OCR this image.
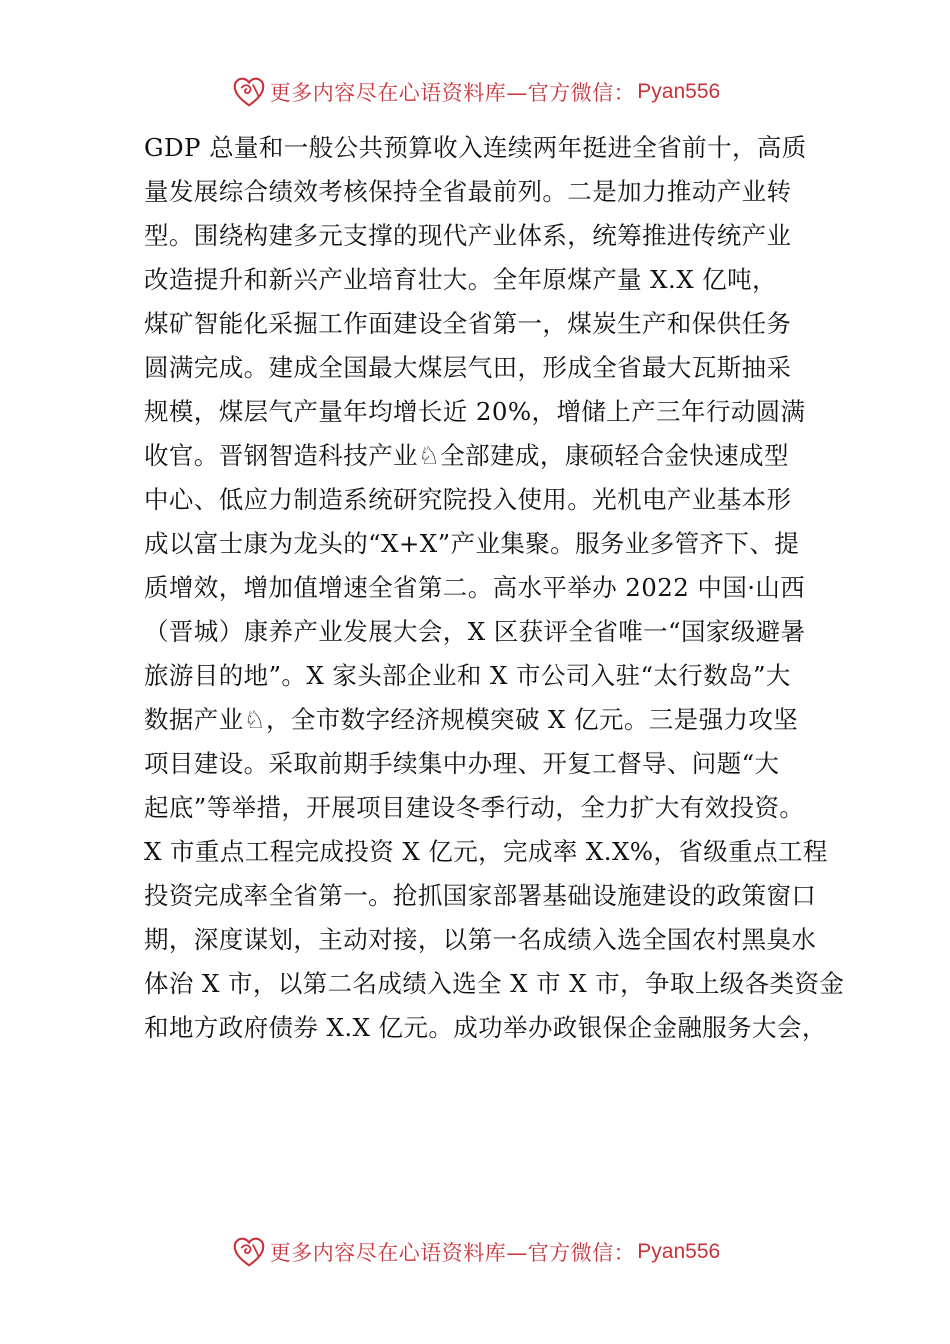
更多内容尽在心语资料库—官方微信： Pyan556
GDP 总量和一般公共预算收入连续两年挺进全省前十，高质
量发展综合绩效考核保持全省最前列。二是加力推动产业转
型。围绕构建多元支撑的现代产业体系，统筹推进传统产业
改造提升和新兴产业培育壮大。全年原煤产量 X.X 亿吨，
煤矿智能化采掘工作面建设全省第一，煤炭生产和保供任务
圆满完成。建成全国最大煤层气田，形成全省最大瓦斯抽采
规模，煤层气产量年均增长近 20%，增储上产三年行动圆满
收官。晋钢智造科技产业♘全部建成，康硕轻合金快速成型
中心、低应力制造系统研究院投入使用。光机电产业基本形
成以富士康为龙头的“X+X”产业集聚。服务业多管齐下、提
质增效，增加值增速全省第二。高水平举办 2022 中国·山西
（晋城）康养产业发展大会，X 区获评全省唯一“国家级避暑
旅游目的地”。X 家头部企业和 X 市公司入驻“太行数岛”大
数据产业♘，全市数字经济规模突破 X 亿元。三是强力攻坚
项目建设。采取前期手续集中办理、开复工督导、问题“大
起底”等举措，开展项目建设冬季行动，全力扩大有效投资。
X 市重点工程完成投资 X 亿元，完成率 X.X%，省级重点工程
投资完成率全省第一。抢抓国家部署基础设施建设的政策窗口
期，深度谋划，主动对接，以第一名成绩入选全国农村黑臭水
体治 X 市，以第二名成绩入选全 X 市 X 市，争取上级各类资金
和地方政府债券 X.X 亿元。成功举办政银保企金融服务大会，
更多内容尽在心语资料库—官方微信： Pyan556
